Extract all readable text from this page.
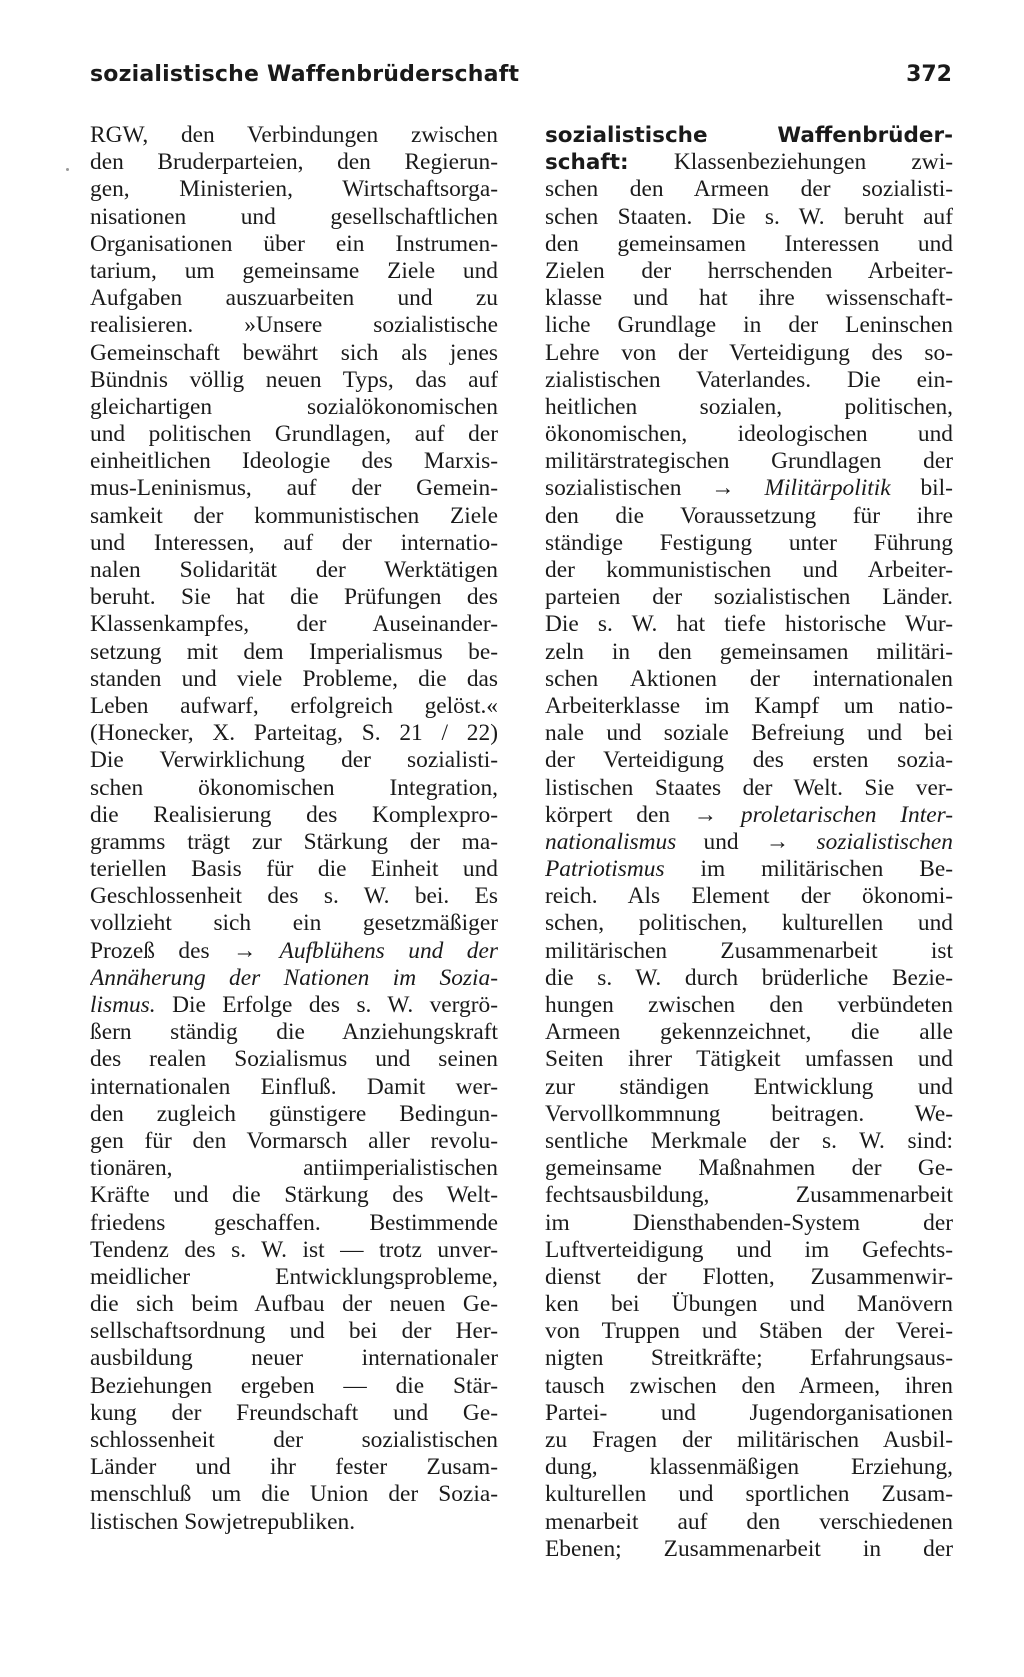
sozialistische Waffenbrüderschaft	372
RGW, den Verbindungen zwischen
den Bruderparteien, den Regierun-
gen, Ministerien, Wirtschaftsorga-
nisationen und gesellschaftlichen
Organisationen über ein Instrumen-
tarium, um gemeinsame Ziele und
Aufgaben auszuarbeiten und zu
realisieren. »Unsere sozialistische
Gemeinschaft bewährt sich als jenes
Bündnis völlig neuen Typs, das auf
gleichartigen sozialökonomischen
und politischen Grundlagen, auf der
einheitlichen Ideologie des Marxis-
mus-Leninismus, auf der Gemein-
samkeit der kommunistischen Ziele
und Interessen, auf der internatio-
nalen Solidarität der Werktätigen
beruht. Sie hat die Prüfungen des
Klassenkampfes, der Auseinander-
setzung mit dem Imperialismus be-
standen und viele Probleme, die das
Leben aufwarf, erfolgreich gelöst.«
(Honecker, X. Parteitag, S. 21 / 22)
Die Verwirklichung der sozialisti-
schen ökonomischen Integration,
die Realisierung des Komplexpro-
gramms trägt zur Stärkung der ma-
teriellen Basis für die Einheit und
Geschlossenheit des s. W. bei. Es
vollzieht sich ein gesetzmäßiger
Prozeß des → Aufblühens und der
Annäherung der Nationen im Sozia-
lismus. Die Erfolge des s. W. vergrö-
ßern ständig die Anziehungskraft
des realen Sozialismus und seinen
internationalen Einfluß. Damit wer-
den zugleich günstigere Bedingun-
gen für den Vormarsch aller revolu-
tionären, antiimperialistischen
Kräfte und die Stärkung des Welt-
friedens geschaffen. Bestimmende
Tendenz des s. W. ist — trotz unver-
meidlicher Entwicklungsprobleme,
die sich beim Aufbau der neuen Ge-
sellschaftsordnung und bei der Her-
ausbildung neuer internationaler
Beziehungen ergeben — die Stär-
kung der Freundschaft und Ge-
schlossenheit der sozialistischen
Länder und ihr fester Zusam-
menschluß um die Union der Sozia-
listischen Sowjetrepubliken.
sozialistische Waffenbrüder-
schaft: Klassenbeziehungen zwi-
schen den Armeen der sozialisti-
schen Staaten. Die s. W. beruht auf
den gemeinsamen Interessen und
Zielen der herrschenden Arbeiter-
klasse und hat ihre wissenschaft-
liche Grundlage in der Leninschen
Lehre von der Verteidigung des so-
zialistischen Vaterlandes. Die ein-
heitlichen sozialen, politischen,
ökonomischen, ideologischen und
militärstrategischen Grundlagen der
sozialistischen → Militärpolitik bil-
den die Voraussetzung für ihre
ständige Festigung unter Führung
der kommunistischen und Arbeiter-
parteien der sozialistischen Länder.
Die s. W. hat tiefe historische Wur-
zeln in den gemeinsamen militäri-
schen Aktionen der internationalen
Arbeiterklasse im Kampf um natio-
nale und soziale Befreiung und bei
der Verteidigung des ersten sozia-
listischen Staates der Welt. Sie ver-
körpert den → proletarischen Inter-
nationalismus und → sozialistischen
Patriotismus im militärischen Be-
reich. Als Element der ökonomi-
schen, politischen, kulturellen und
militärischen Zusammenarbeit ist
die s. W. durch brüderliche Bezie-
hungen zwischen den verbündeten
Armeen gekennzeichnet, die alle
Seiten ihrer Tätigkeit umfassen und
zur ständigen Entwicklung und
Vervollkommnung beitragen. We-
sentliche Merkmale der s. W. sind:
gemeinsame Maßnahmen der Ge-
fechtsausbildung, Zusammenarbeit
im Diensthabenden-System der
Luftverteidigung und im Gefechts-
dienst der Flotten, Zusammenwir-
ken bei Übungen und Manövern
von Truppen und Stäben der Verei-
nigten Streitkräfte; Erfahrungsaus-
tausch zwischen den Armeen, ihren
Partei- und Jugendorganisationen
zu Fragen der militärischen Ausbil-
dung, klassenmäßigen Erziehung,
kulturellen und sportlichen Zusam-
menarbeit auf den verschiedenen
Ebenen; Zusammenarbeit in der
